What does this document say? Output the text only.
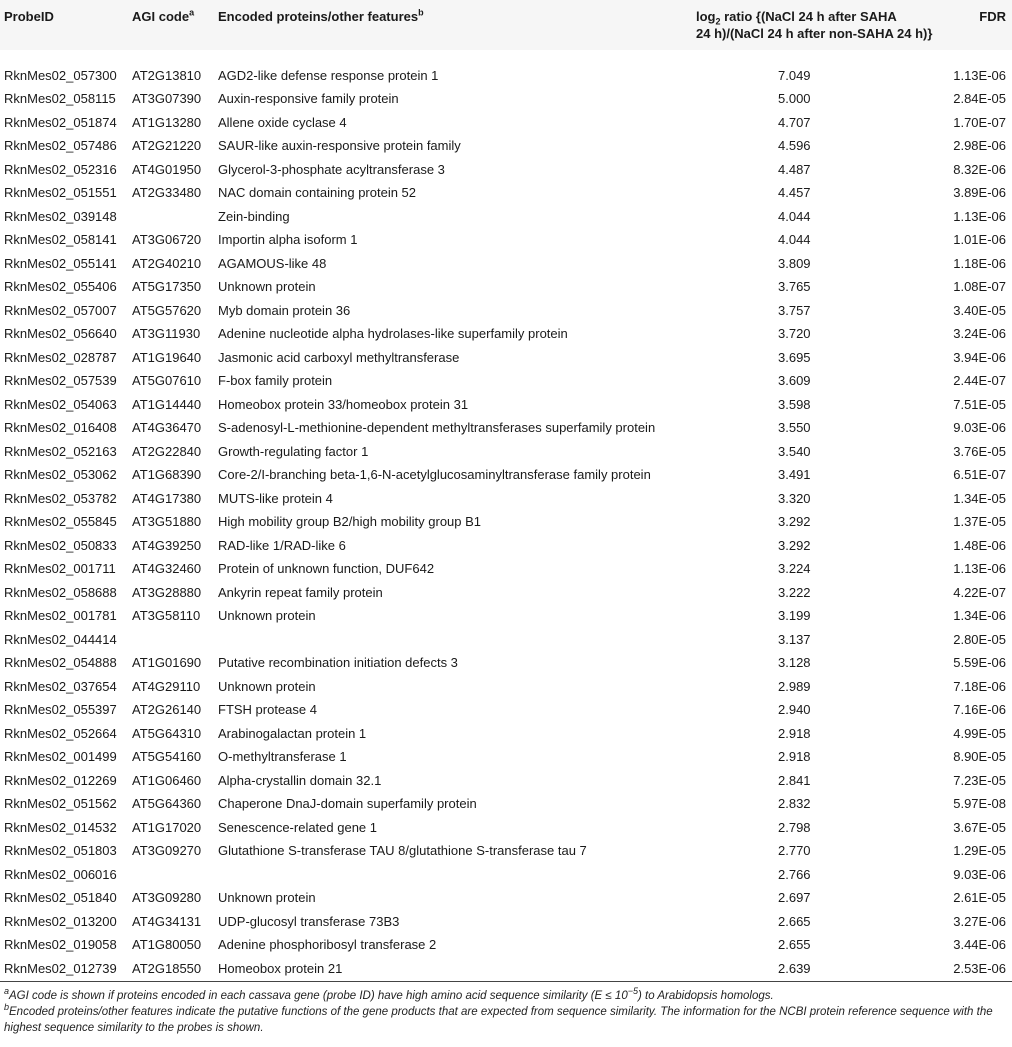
ProbeID	AGI code$^a$	Encoded proteins/other features$^b$	$\log_2$ ratio {(NaCl 24 h after SAHA
24 h)/(NaCl 24 h after non-SAHA 24 h)}	FDR
RknMes02_057300	AT2G13810	AGD2-like defense response protein 1	7.049	1.13E-06
RknMes02_058115	AT3G07390	Auxin-responsive family protein	5.000	2.84E-05
RknMes02_051874	AT1G13280	Allene oxide cyclase 4	4.707	1.70E-07
RknMes02_057486	AT2G21220	SAUR-like auxin-responsive protein family	4.596	2.98E-06
RknMes02_052316	AT4G01950	Glycerol-3-phosphate acyltransferase 3	4.487	8.32E-06
RknMes02_051551	AT2G33480	NAC domain containing protein 52	4.457	3.89E-06
RknMes02_039148		Zein-binding	4.044	1.13E-06
RknMes02_058141	AT3G06720	Importin alpha isoform 1	4.044	1.01E-06
RknMes02_055141	AT2G40210	AGAMOUS-like 48	3.809	1.18E-06
RknMes02_055406	AT5G17350	Unknown protein	3.765	1.08E-07
RknMes02_057007	AT5G57620	Myb domain protein 36	3.757	3.40E-05
RknMes02_056640	AT3G11930	Adenine nucleotide alpha hydrolases-like superfamily protein	3.720	3.24E-06
RknMes02_028787	AT1G19640	Jasmonic acid carboxyl methyltransferase	3.695	3.94E-06
RknMes02_057539	AT5G07610	F-box family protein	3.609	2.44E-07
RknMes02_054063	AT1G14440	Homeobox protein 33/homeobox protein 31	3.598	7.51E-05
RknMes02_016408	AT4G36470	S-adenosyl-L-methionine-dependent methyltransferases superfamily protein	3.550	9.03E-06
RknMes02_052163	AT2G22840	Growth-regulating factor 1	3.540	3.76E-05
RknMes02_053062	AT1G68390	Core-2/I-branching beta-1,6-N-acetylglucosaminyltransferase family protein	3.491	6.51E-07
RknMes02_053782	AT4G17380	MUTS-like protein 4	3.320	1.34E-05
RknMes02_055845	AT3G51880	High mobility group B2/high mobility group B1	3.292	1.37E-05
RknMes02_050833	AT4G39250	RAD-like 1/RAD-like 6	3.292	1.48E-06
RknMes02_001711	AT4G32460	Protein of unknown function, DUF642	3.224	1.13E-06
RknMes02_058688	AT3G28880	Ankyrin repeat family protein	3.222	4.22E-07
RknMes02_001781	AT3G58110	Unknown protein	3.199	1.34E-06
RknMes02_044414			3.137	2.80E-05
RknMes02_054888	AT1G01690	Putative recombination initiation defects 3	3.128	5.59E-06
RknMes02_037654	AT4G29110	Unknown protein	2.989	7.18E-06
RknMes02_055397	AT2G26140	FTSH protease 4	2.940	7.16E-06
RknMes02_052664	AT5G64310	Arabinogalactan protein 1	2.918	4.99E-05
RknMes02_001499	AT5G54160	O-methyltransferase 1	2.918	8.90E-05
RknMes02_012269	AT1G06460	Alpha-crystallin domain 32.1	2.841	7.23E-05
RknMes02_051562	AT5G64360	Chaperone DnaJ-domain superfamily protein	2.832	5.97E-08
RknMes02_014532	AT1G17020	Senescence-related gene 1	2.798	3.67E-05
RknMes02_051803	AT3G09270	Glutathione S-transferase TAU 8/glutathione S-transferase tau 7	2.770	1.29E-05
RknMes02_006016			2.766	9.03E-06
RknMes02_051840	AT3G09280	Unknown protein	2.697	2.61E-05
RknMes02_013200	AT4G34131	UDP-glucosyl transferase 73B3	2.665	3.27E-06
RknMes02_019058	AT1G80050	Adenine phosphoribosyl transferase 2	2.655	3.44E-06
RknMes02_012739	AT2G18550	Homeobox protein 21	2.639	2.53E-06

$^a$AGI code is shown if proteins encoded in each cassava gene (probe ID) have high amino acid sequence similarity $(E \le 10^{-5})$ to Arabidopsis homologs.

$^b$Encoded proteins/other features indicate the putative functions of the gene products that are expected from sequence similarity. The information for the NCBI protein reference sequence with the highest sequence similarity to the probes is shown.
